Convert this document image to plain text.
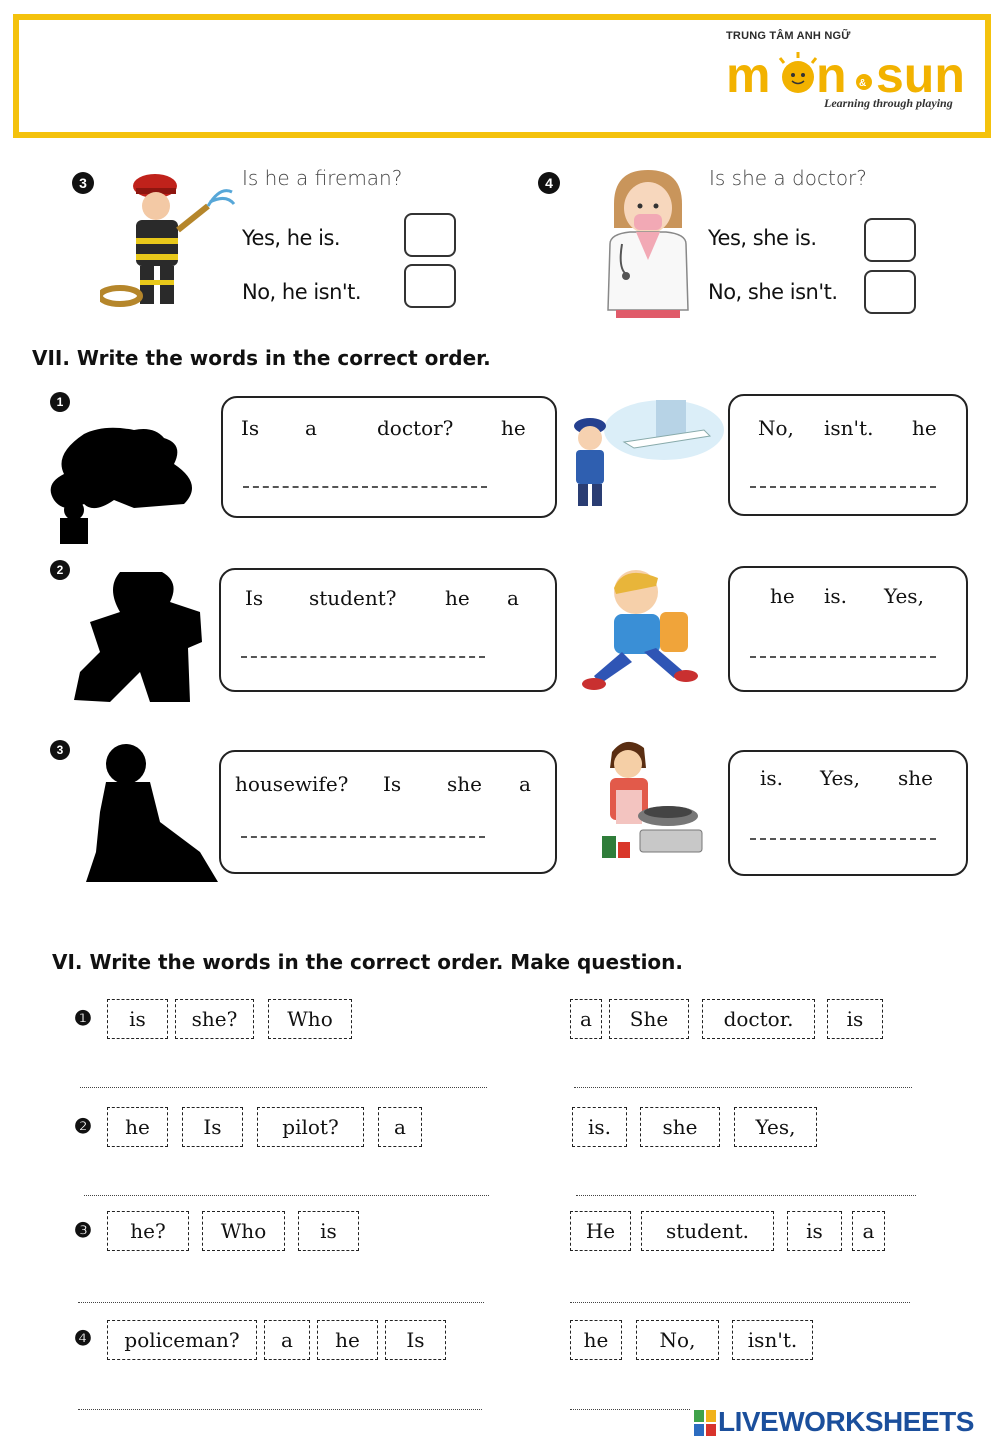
TRUNG TÂM ANH NGỮ
m n & sun
Learning through playing
3	Is he a fireman?
Yes, he is.
No, he isn't.
4	Is she a doctor?
Yes, she is.
No, she isn't.
VII. Write the words in the correct order.
1
Is a	doctor? he	No, isn't. he
2
Is student? he a	he is. Yes,
3
housewife? Is she a	is. Yes, she
VI. Write the words in the correct order. Make question.
❶	is	she?	Who	a	She	doctor.	is
❷	he	Is	pilot?	a	is.	she	Yes,
❸	he?	Who	is	He	student.	is	a
❹	policeman?	a	he	Is	he	No,	isn't.
LIVEWORKSHEETS
